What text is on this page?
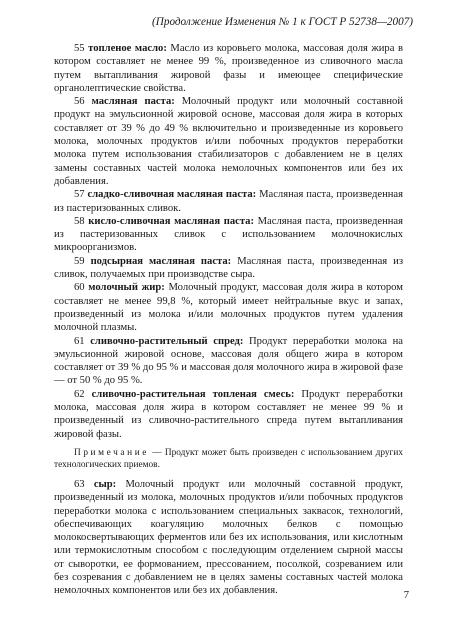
(Продолжение Изменения № 1 к ГОСТ Р 52738—2007)

55 топленое масло: Масло из коровьего молока, массовая доля жира в котором составляет не менее 99 %, произведенное из сливочного масла путем вытапливания жировой фазы и имеющее специфические органолептические свойства.

56 масляная паста: Молочный продукт или молочный составной продукт на эмульсионной жировой основе, массовая доля жира в которых составляет от 39 % до 49 % включительно и произведенные из коровьего молока, молочных продуктов и/или побочных продуктов переработки молока путем использования стабилизаторов с добавлением не в целях замены составных частей молока немолочных компонентов или без их добавления.

57 сладко-сливочная масляная паста: Масляная паста, произведенная из пастеризованных сливок.

58 кисло-сливочная масляная паста: Масляная паста, произведенная из пастеризованных сливок с использованием молочнокислых микроорганизмов.

59 подсырная масляная паста: Масляная паста, произведенная из сливок, получаемых при производстве сыра.

60 молочный жир: Молочный продукт, массовая доля жира в котором составляет не менее 99,8 %, который имеет нейтральные вкус и запах, произведенный из молока и/или молочных продуктов путем удаления молочной плазмы.

61 сливочно-растительный спред: Продукт переработки молока на эмульсионной жировой основе, массовая доля общего жира в котором составляет от 39 % до 95 % и массовая доля молочного жира в жировой фазе — от 50 % до 95 %.

62 сливочно-растительная топленая смесь: Продукт переработки молока, массовая доля жира в котором составляет не менее 99 % и произведенный из сливочно-растительного спреда путем вытапливания жировой фазы.

Примечание — Продукт может быть произведен с использованием других технологических приемов.

63 сыр: Молочный продукт или молочный составной продукт, произведенный из молока, молочных продуктов и/или побочных продуктов переработки молока с использованием специальных заквасок, технологий, обеспечивающих коагуляцию молочных белков с помощью молокосвертывающих ферментов или без их использования, или кислотным или термокислотным способом с последующим отделением сырной массы от сыворотки, ее формованием, прессованием, посолкой, созреванием или без созревания с добавлением не в целях замены составных частей молока немолочных компонентов или без их добавления.	7
